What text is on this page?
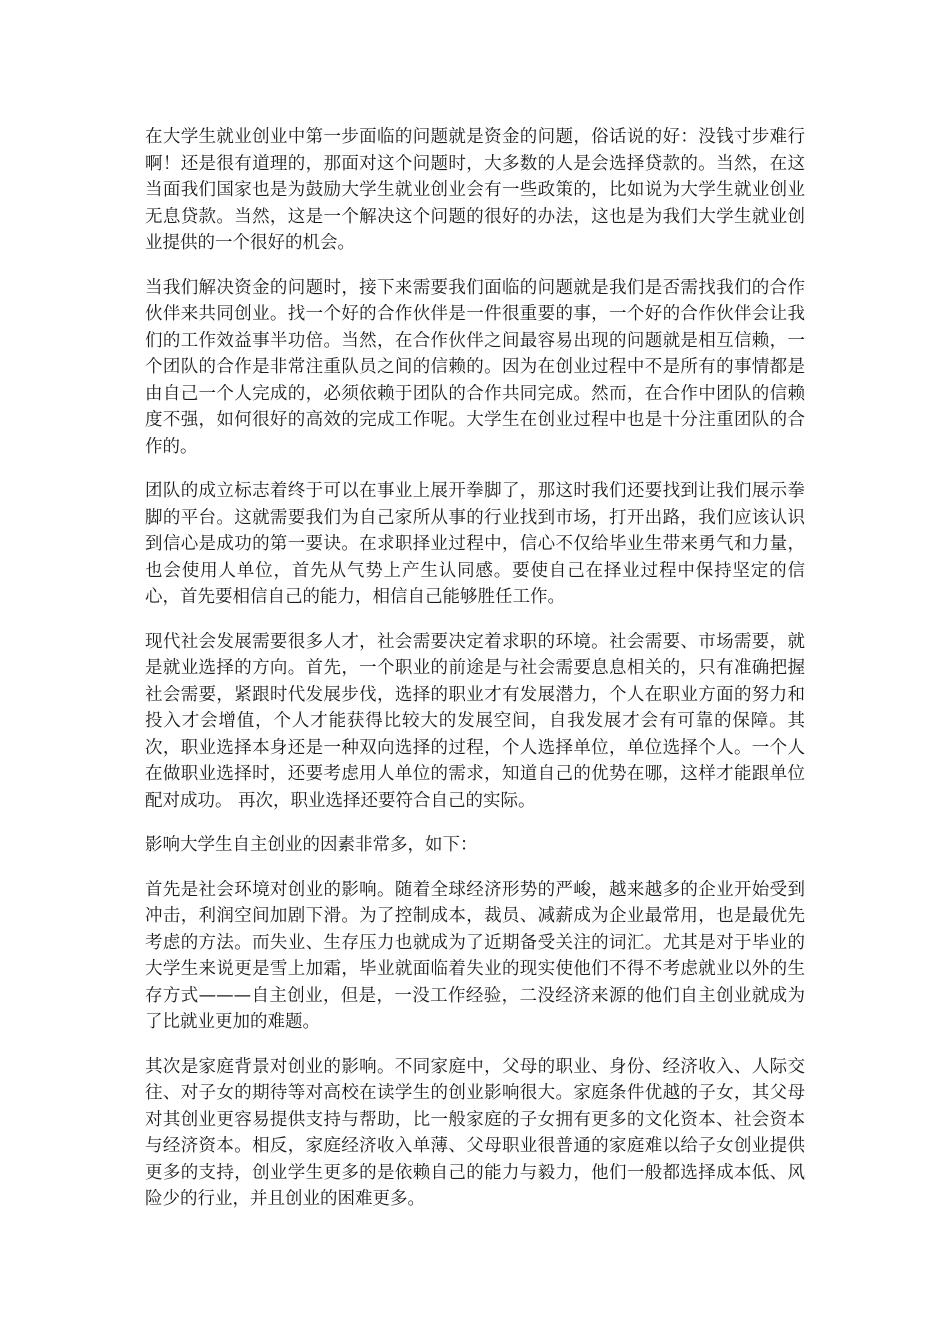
在大学生就业创业中第一步面临的问题就是资金的问题，俗话说的好：没钱寸步难行啊！还是很有道理的，那面对这个问题时，大多数的人是会选择贷款的。当然，在这当面我们国家也是为鼓励大学生就业创业会有一些政策的，比如说为大学生就业创业无息贷款。当然，这是一个解决这个问题的很好的办法，这也是为我们大学生就业创业提供的一个很好的机会。

当我们解决资金的问题时，接下来需要我们面临的问题就是我们是否需找我们的合作伙伴来共同创业。找一个好的合作伙伴是一件很重要的事，一个好的合作伙伴会让我们的工作效益事半功倍。当然，在合作伙伴之间最容易出现的问题就是相互信赖，一个团队的合作是非常注重队员之间的信赖的。因为在创业过程中不是所有的事情都是由自己一个人完成的，必须依赖于团队的合作共同完成。然而，在合作中团队的信赖度不强，如何很好的高效的完成工作呢。大学生在创业过程中也是十分注重团队的合作的。

团队的成立标志着终于可以在事业上展开拳脚了，那这时我们还要找到让我们展示拳脚的平台。这就需要我们为自己家所从事的行业找到市场，打开出路，我们应该认识到信心是成功的第一要诀。在求职择业过程中，信心不仅给毕业生带来勇气和力量，也会使用人单位，首先从气势上产生认同感。要使自己在择业过程中保持坚定的信心，首先要相信自己的能力，相信自己能够胜任工作。

现代社会发展需要很多人才，社会需要决定着求职的环境。社会需要、市场需要，就是就业选择的方向。首先，一个职业的前途是与社会需要息息相关的，只有准确把握社会需要，紧跟时代发展步伐，选择的职业才有发展潜力，个人在职业方面的努力和投入才会增值，个人才能获得比较大的发展空间，自我发展才会有可靠的保障。其次，职业选择本身还是一种双向选择的过程，个人选择单位，单位选择个人。一个人在做职业选择时，还要考虑用人单位的需求，知道自己的优势在哪，这样才能跟单位配对成功。 再次，职业选择还要符合自己的实际。

影响大学生自主创业的因素非常多，如下：

首先是社会环境对创业的影响。随着全球经济形势的严峻，越来越多的企业开始受到冲击，利润空间加剧下滑。为了控制成本，裁员、减薪成为企业最常用，也是最优先考虑的方法。而失业、生存压力也就成为了近期备受关注的词汇。尤其是对于毕业的大学生来说更是雪上加霜，毕业就面临着失业的现实使他们不得不考虑就业以外的生存方式———自主创业，但是，一没工作经验，二没经济来源的他们自主创业就成为了比就业更加的难题。

其次是家庭背景对创业的影响。不同家庭中，父母的职业、身份、经济收入、人际交往、对子女的期待等对高校在读学生的创业影响很大。家庭条件优越的子女，其父母对其创业更容易提供支持与帮助，比一般家庭的子女拥有更多的文化资本、社会资本与经济资本。相反，家庭经济收入单薄、父母职业很普通的家庭难以给子女创业提供更多的支持，创业学生更多的是依赖自己的能力与毅力，他们一般都选择成本低、风险少的行业，并且创业的困难更多。
